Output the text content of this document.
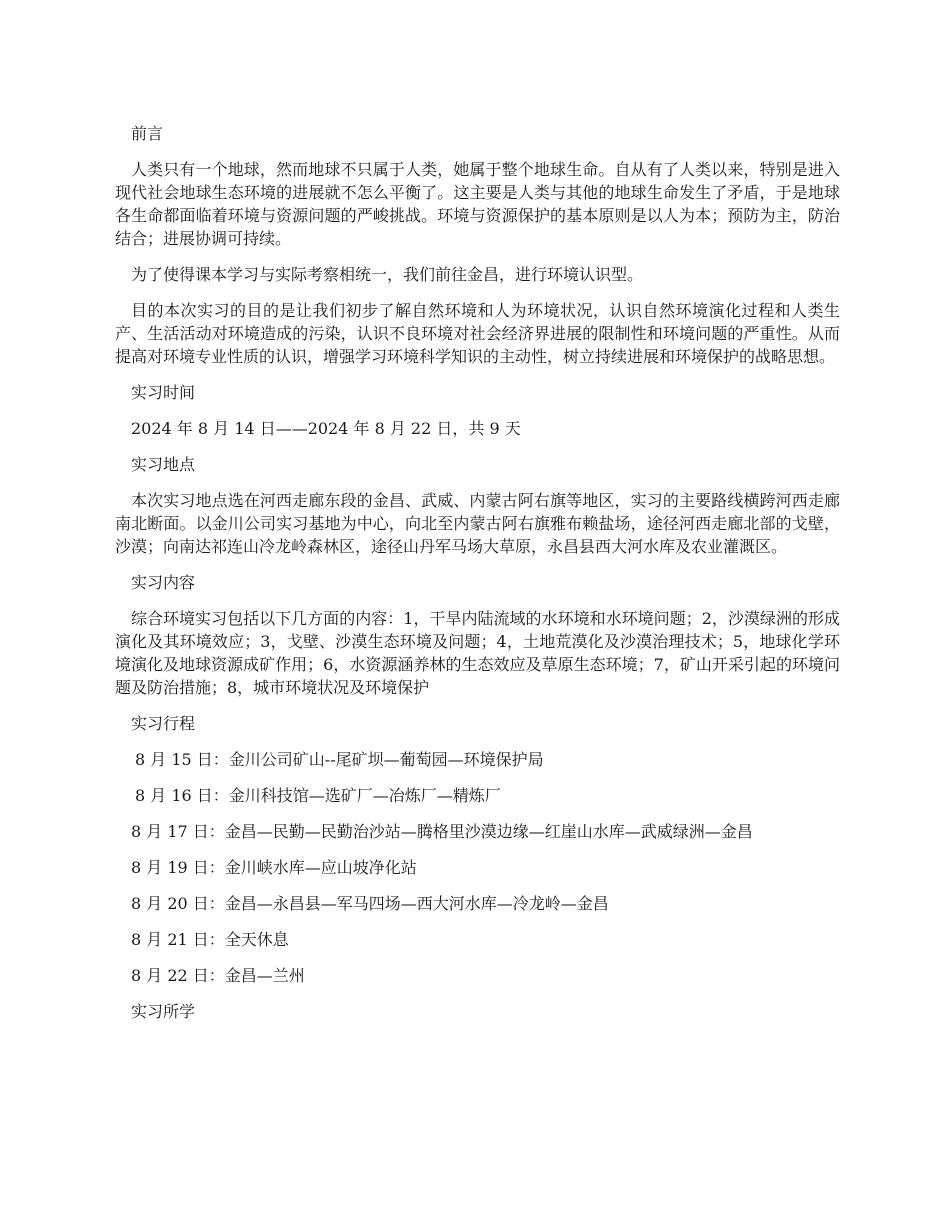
前言

人类只有一个地球，然而地球不只属于人类，她属于整个地球生命。自从有了人类以来，特别是进入现代社会地球生态环境的进展就不怎么平衡了。这主要是人类与其他的地球生命发生了矛盾，于是地球各生命都面临着环境与资源问题的严峻挑战。环境与资源保护的基本原则是以人为本；预防为主，防治结合；进展协调可持续。

为了使得课本学习与实际考察相统一，我们前往金昌，进行环境认识型。

目的本次实习的目的是让我们初步了解自然环境和人为环境状况，认识自然环境演化过程和人类生产、生活活动对环境造成的污染，认识不良环境对社会经济界进展的限制性和环境问题的严重性。从而提高对环境专业性质的认识，增强学习环境科学知识的主动性，树立持续进展和环境保护的战略思想。

实习时间

2024 年 8 月 14 日——2024 年 8 月 22 日，共 9 天

实习地点

本次实习地点选在河西走廊东段的金昌、武威、内蒙古阿右旗等地区，实习的主要路线横跨河西走廊南北断面。以金川公司实习基地为中心，向北至内蒙古阿右旗雅布赖盐场，途径河西走廊北部的戈壁，沙漠；向南达祁连山冷龙岭森林区，途径山丹军马场大草原，永昌县西大河水库及农业灌溉区。

实习内容

综合环境实习包括以下几方面的内容：1，干旱内陆流域的水环境和水环境问题；2，沙漠绿洲的形成演化及其环境效应；3，戈壁、沙漠生态环境及问题；4，土地荒漠化及沙漠治理技术；5，地球化学环境演化及地球资源成矿作用；6，水资源涵养林的生态效应及草原生态环境；7，矿山开采引起的环境问题及防治措施；8，城市环境状况及环境保护

实习行程

8 月 15 日：金川公司矿山--尾矿坝—葡萄园—环境保护局

8 月 16 日：金川科技馆—选矿厂—冶炼厂—精炼厂

8 月 17 日：金昌—民勤—民勤治沙站—腾格里沙漠边缘—红崖山水库—武威绿洲—金昌

8 月 19 日：金川峡水库—应山坡净化站

8 月 20 日：金昌—永昌县—军马四场—西大河水库—冷龙岭—金昌

8 月 21 日：全天休息

8 月 22 日：金昌—兰州

实习所学
